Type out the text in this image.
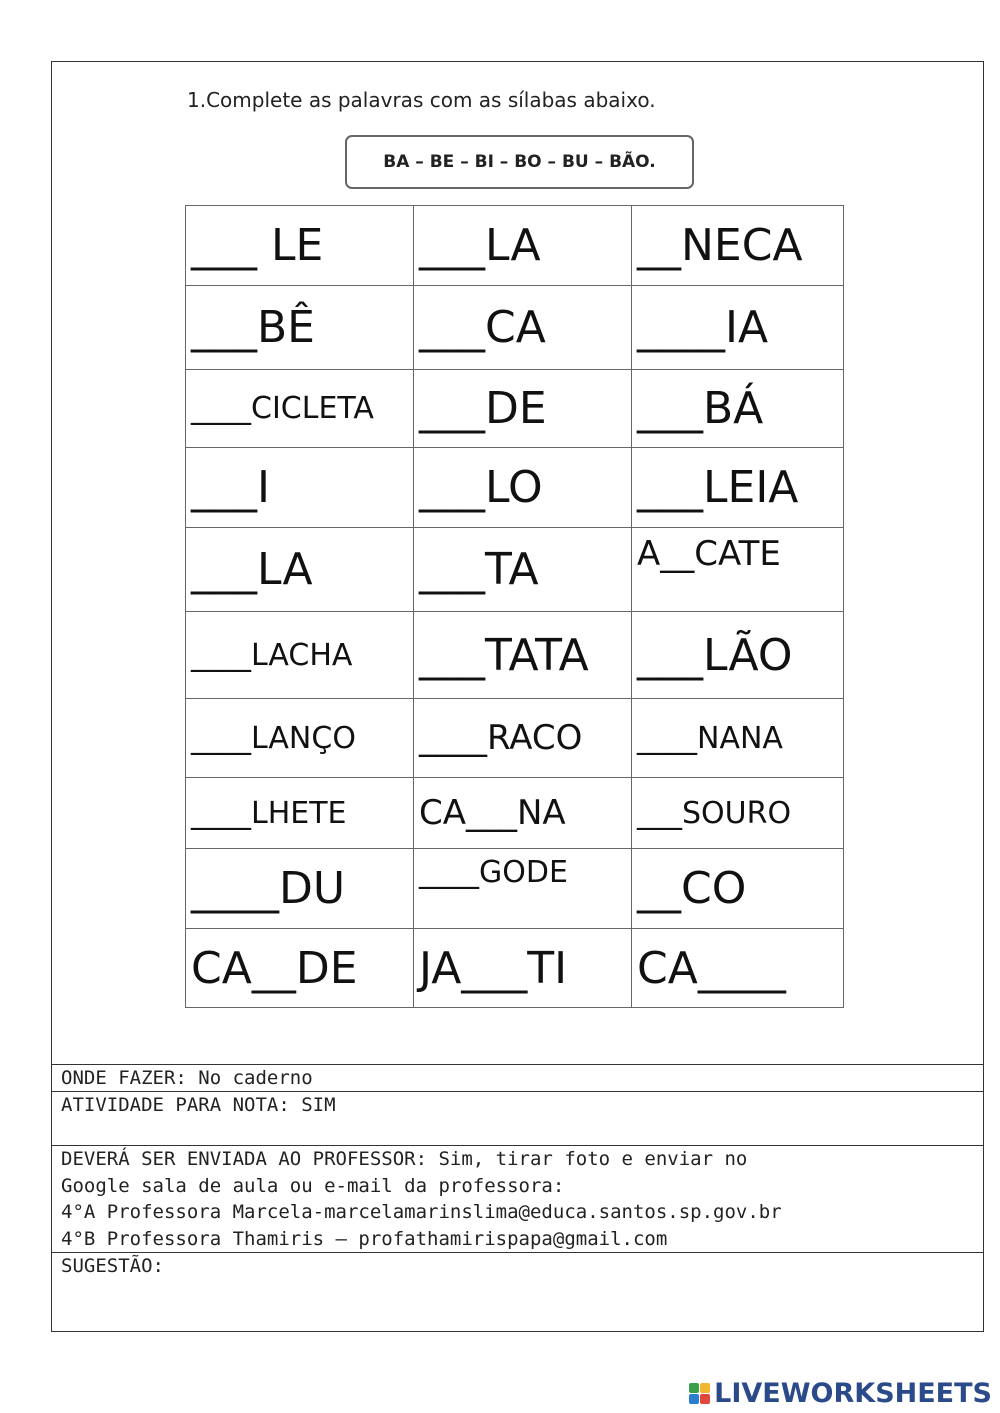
1.Complete as palavras com as sílabas abaixo.
BA – BE – BI – BO – BU – BÃO.
___ LE	___LA	__NECA
___BÊ	___CA	____IA
____CICLETA	___DE	___BÁ
___I	___LO	___LEIA
___LA	___TA	A__CATE
____LACHA	___TATA	___LÃO
____LANÇO	____RACO	____NANA
____LHETE	CA___NA	___SOURO
____DU	____GODE	__CO
CA__DE	JA___TI	CA____
ONDE FAZER: No caderno
ATIVIDADE PARA NOTA: SIM
DEVERÁ SER ENVIADA AO PROFESSOR: Sim, tirar foto e enviar no
Google sala de aula ou e-mail da professora:
4°A Professora Marcela-marcelamarinslima@educa.santos.sp.gov.br
4°B Professora Thamiris – profathamirispapa@gmail.com
SUGESTÃO:
LIVEWORKSHEETS
